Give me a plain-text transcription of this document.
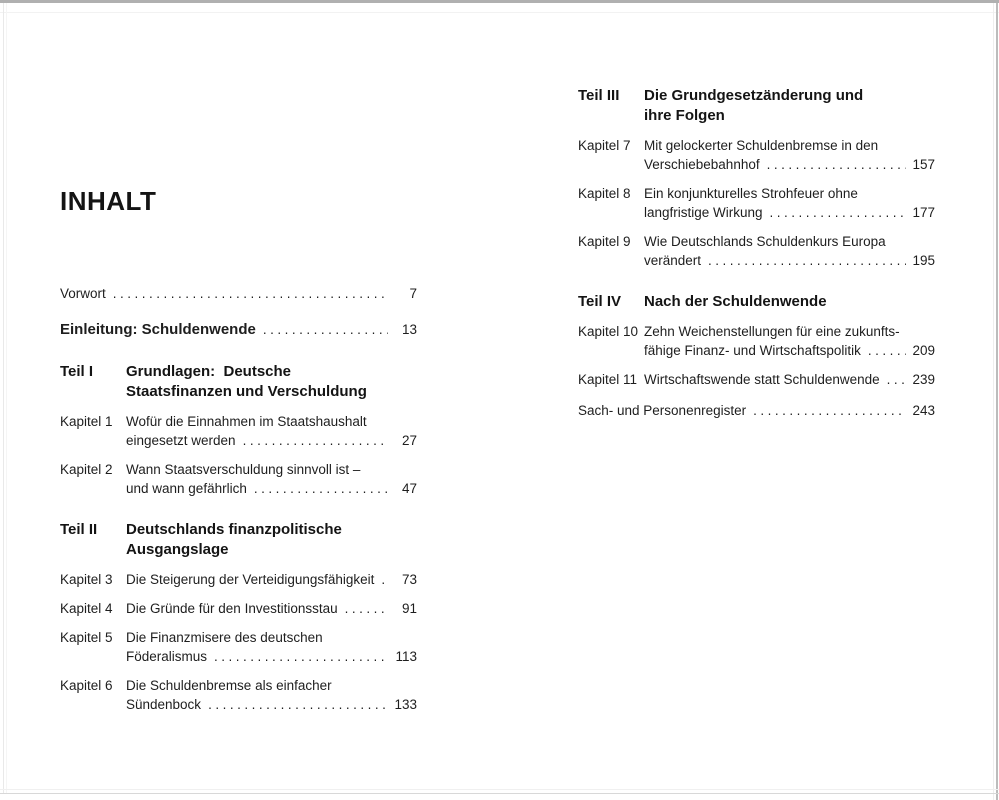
INHALT
Vorwort .....	7
Einleitung: Schuldenwende .....	13
Teil I	Grundlagen:  Deutsche
Staatsfinanzen und Verschuldung
Kapitel 1 Wofür die Einnahmen im Staatshaushalt
eingesetzt werden .....	27
Kapitel 2 Wann Staatsverschuldung sinnvoll ist –
und wann gefährlich .....	47
Teil II	Deutschlands finanzpolitische
Ausgangslage
Kapitel 3 Die Steigerung der Verteidigungsfähigkeit .....	73
Kapitel 4 Die Gründe für den Investitionsstau .....	91
Kapitel 5 Die Finanzmisere des deutschen
Föderalismus .....	113
Kapitel 6 Die Schuldenbremse als einfacher
Sündenbock .....	133
Teil III	Die Grundgesetzänderung und
ihre Folgen
Kapitel 7 Mit gelockerter Schuldenbremse in den
Verschiebebahnhof .....	157
Kapitel 8 Ein konjunkturelles Strohfeuer ohne
langfristige Wirkung .....	177
Kapitel 9 Wie Deutschlands Schuldenkurs Europa
verändert .....	195
Teil IV	Nach der Schuldenwende
Kapitel 10 Zehn Weichenstellungen für eine zukunfts-
fähige Finanz- und Wirtschaftspolitik .....	209
Kapitel 11 Wirtschaftswende statt Schuldenwende ..... 239
Sach- und Personenregister .....	243
